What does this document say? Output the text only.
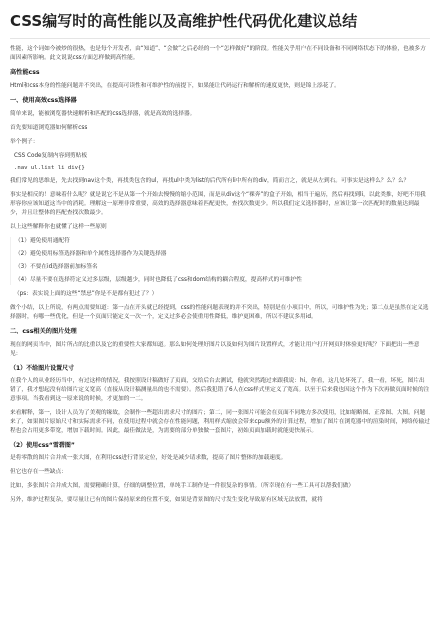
CSS编写时的高性能以及高维护性代码优化建议总结

性能，这个词如今被炒的很热，也是每个开发者，由“知道”、“会做”之后必经的一个“怎样做好”的阶段。性能关乎用户在不同设备和不同网络状态下的体验，也被多方面因素所影响。此文说说css方面怎样做到高性能。

高性能css

Html和css本身的性能问题并不突出，在提高可读性和可维护性的前提下，如果能让代码运行和解析的速度更快，则是锦上添花了。

一、使用高效css选择器

简单来说，能被浏览器快速解析和匹配的css选择器，就是高效的选择器。

首先要知道浏览器如何解析css

举个例子：

CSS Code复制内容到剪贴板

.nav ul.list li div{}

我们常见的思维是，先去找到nav这个类，再找类包含的ul，再找ul中类为list的后代所有li中所有的div，简而言之，就是从左到右。可事实是这样么？么？么？

事实是相反的！意味着什么呢？就是说它不是从第一个开始去慢慢的缩小范围，而是从div这个“裸奔”的盒子开始，相当于遍历，然后再找到li，以此类推，好吧不用我形容你应该知道这当中的消耗。理解这一原理非常重要，高效的选择器意味着匹配更快，查找次数更少。所以我们定义选择器时，应该让第一次匹配时的数量达到最少，并且让整体的匹配查找次数最少。

以上这些解释你也就懂了这样一些原则

（1）避免使用通配符

（2）避免使用标签选择器和单个属性选择器作为关键选择器

（3）不要在id选择器前加标签名

（4）尽量不要在选择符定义过多层级，层级越少，同时也降低了css和dom结构的耦合程度，提高样式的可维护性

（ps：表实说上面的这些“禁忌”你是不是都有犯过了？）

做个小结，以上所说，有两点需要知道：第一点在开头就已经提到，css的性能问题表现的并不突出，特别是在小项目中，所以，可维护性为先；第二点是虽然在定义选择器时，有哪一些优化，但是一个页面只能定义一次一个，定义过多必会使重用性降低，维护更困难，所以不建议多用id。

二、css相关的图片处理

现在的网页当中，图片所占的比重以及它的重要性大家都知道。那么如何处理好图片以及如何为图片设置样式，才能让用户打开网页时体验更好呢？下面把出一些意见：

（1）不给图片设置尺寸

在我个人的从业经历当中，有过这样的情况，我按照设计稿做好了页面，交给后台去测试，他就突然跑过来跟我说：hi，你看，这几处坏死了，我一看，坏死，图片出错了，我才想起没有给图片定义宽高（直接从设计稿测量出的也不需要）。然后我犯错了6人在css样式里定义了宽高。以至于后来我也因这个作为下次再做页面时候的注意事项。当我看到这一原来说的时候，才更加的一二。

来看解释，第一，设计人员为了美观的缘故，会制作一些超出需求尺寸的图片；第二，同一张图片可能会在页面不同地方多次使用，比如缩略图、正常图、大图。问题来了，如果图片原始尺寸和实际需求不同，在使用过程中就会存在性能问题，利用样式缩放会带来cpu额外的计算过程，增加了图片在浏览器中的渲染时间，网络传输过程也会占用更多带宽，增加下载时间。因此，最佳做法是，为需要的部分单独做一套图片，初始页面加载时就能更快展示。

（2）使用css“雪碧图”

是将零散的图片合并成一张大图，在利用css进行背景定位，好处是减少请求数，提高了图片整体的加载速度。

但它也存在一些缺点：

比如，多张图片合并成大图，需要精确计算，仔细的调整位置，单纯手工制作是一件很复杂的事情。（所幸现在有一些工具可以帮我们做）

另外，维护过程复杂，要尽量让已有的图片保持原来的位置不变，如果是背景图的尺寸发生变化导致原有区域无法放置，就将
